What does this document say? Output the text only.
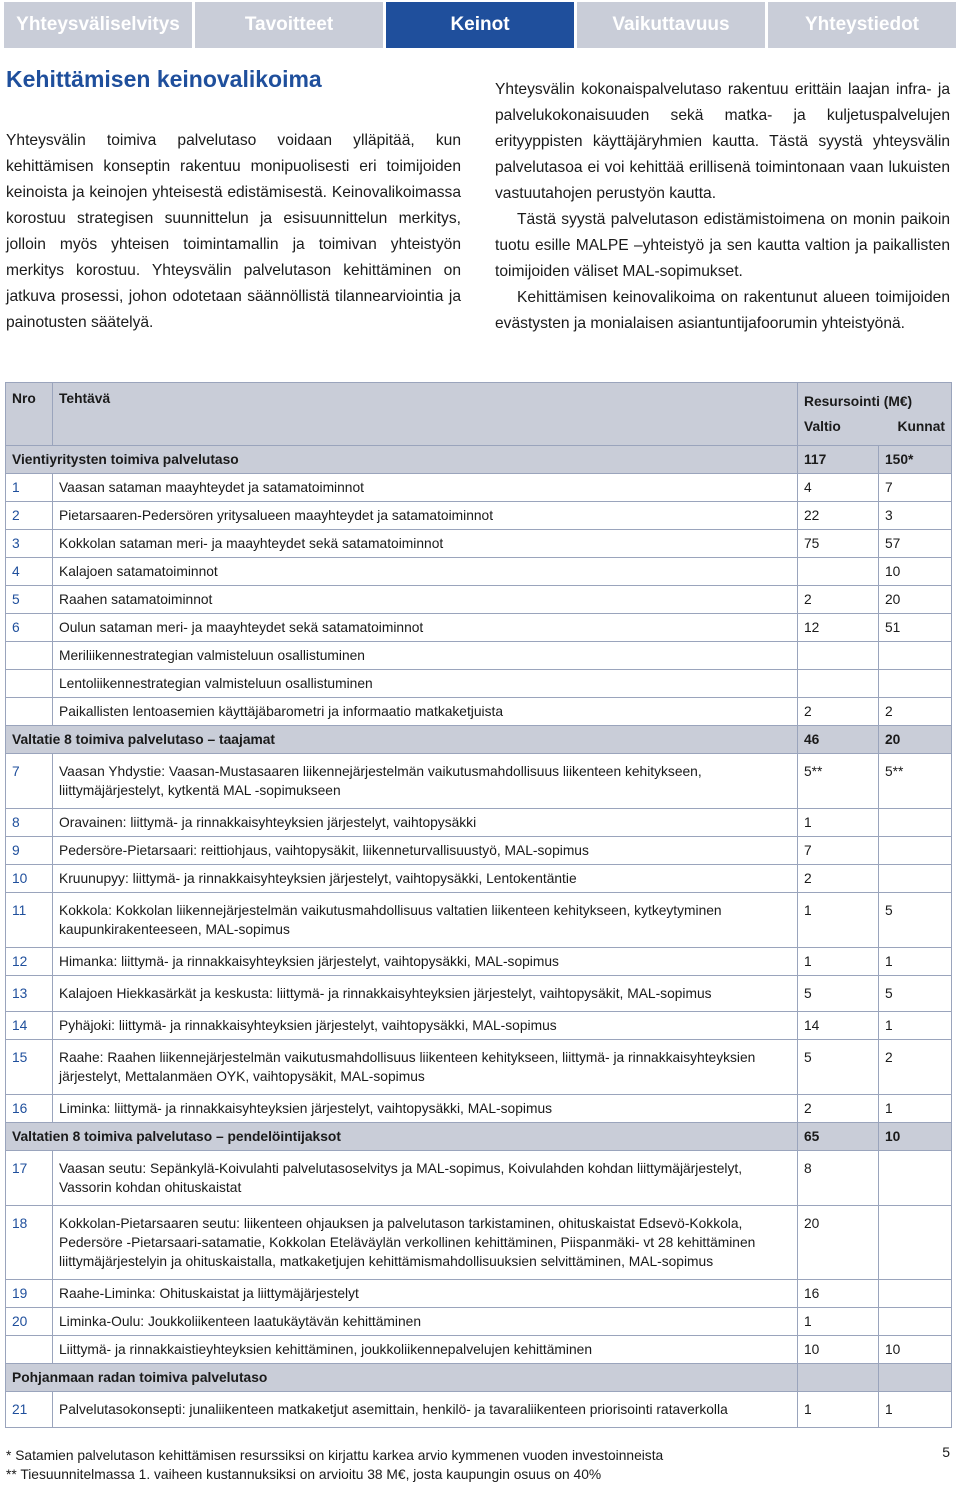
Yhteysväliselvitys	Tavoitteet	Keinot	Vaikuttavuus	Yhteystiedot
Kehittämisen keinovalikoima

Yhteysvälin toimiva palvelutaso voidaan ylläpitää, kun kehittämisen konseptin rakentuu monipuolisesti eri toimijoiden keinoista ja keinojen yhteisestä edistämisestä. Keinovalikoimassa korostuu strategisen suunnittelun ja esisuunnittelun merkitys, jolloin myös yhteisen toimintamallin ja toimivan yhteistyön merkitys korostuu. Yhteysvälin palvelutason kehittäminen on jatkuva prosessi, johon odotetaan säännöllistä tilannearviointia ja painotusten säätelyä.

Yhteysvälin kokonaispalvelutaso rakentuu erittäin laajan infra- ja palvelukokonaisuuden sekä matka- ja kuljetuspalvelujen erityyppisten käyttäjäryhmien kautta. Tästä syystä yhteysvälin palvelutasoa ei voi kehittää erillisenä toimintonaan vaan lukuisten vastuutahojen perustyön kautta.

Tästä syystä palvelutason edistämistoimena on monin paikoin tuotu esille MALPE –yhteistyö ja sen kautta valtion ja paikallisten toimijoiden väliset MAL-sopimukset.

Kehittämisen keinovalikoima on rakentunut alueen toimijoiden evästysten ja monialaisen asiantuntijafoorumin yhteistyönä.

Nro	Tehtävä	Resursointi (M€)
Valtio Kunnat	

Vientiyritysten toimiva palvelutaso		117	150*
1	Vaasan sataman maayhteydet ja satamatoiminnot	4	7
2	Pietarsaaren-Pedersören yritysalueen maayhteydet ja satamatoiminnot	22	3
3	Kokkolan sataman meri- ja maayhteydet sekä satamatoiminnot	75	57
4	Kalajoen satamatoiminnot		10
5	Raahen satamatoiminnot	2	20
6	Oulun sataman meri- ja maayhteydet sekä satamatoiminnot	12	51
	Meriliikennestrategian valmisteluun osallistuminen		
	Lentoliikennestrategian valmisteluun osallistuminen		
	Paikallisten lentoasemien käyttäjäbarometri ja informaatio matkaketjuista	2	2
Valtatie 8 toimiva palvelutaso – taajamat		46	20
7	Vaasan Yhdystie: Vaasan-Mustasaaren liikennejärjestelmän vaikutusmahdollisuus liikenteen kehitykseen, liittymäjärjestelyt, kytkentä MAL -sopimukseen	5**	5**
8	Oravainen: liittymä- ja rinnakkaisyhteyksien järjestelyt, vaihtopysäkki	1	
9	Pedersöre-Pietarsaari: reittiohjaus, vaihtopysäkit, liikenneturvallisuustyö, MAL-sopimus	7	
10	Kruunupyy: liittymä- ja rinnakkaisyhteyksien järjestelyt, vaihtopysäkki, Lentokentäntie	2	
11	Kokkola: Kokkolan liikennejärjestelmän vaikutusmahdollisuus valtatien liikenteen kehitykseen, kytkeytyminen kaupunkirakenteeseen, MAL-sopimus	1	5
12	Himanka: liittymä- ja rinnakkaisyhteyksien järjestelyt, vaihtopysäkki, MAL-sopimus	1	1
13	Kalajoen Hiekkasärkät ja keskusta: liittymä- ja rinnakkaisyhteyksien järjestelyt, vaihtopysäkit, MAL-sopimus	5	5
14	Pyhäjoki: liittymä- ja rinnakkaisyhteyksien järjestelyt, vaihtopysäkki, MAL-sopimus	14	1
15	Raahe: Raahen liikennejärjestelmän vaikutusmahdollisuus liikenteen kehitykseen, liittymä- ja rinnakkaisyhteyksien järjestelyt, Mettalanmäen OYK, vaihtopysäkit, MAL-sopimus	5	2
16	Liminka: liittymä- ja rinnakkaisyhteyksien järjestelyt, vaihtopysäkki, MAL-sopimus	2	1
Valtatien 8 toimiva palvelutaso – pendelöintijaksot		65	10
17	Vaasan seutu: Sepänkylä-Koivulahti palvelutasoselvitys ja MAL-sopimus, Koivulahden kohdan liittymäjärjestelyt, Vassorin kohdan ohituskaistat	8	
18	Kokkolan-Pietarsaaren seutu: liikenteen ohjauksen ja palvelutason tarkistaminen, ohituskaistat Edsevö-Kokkola, Pedersöre -Pietarsaari-satamatie, Kokkolan Eteläväylän verkollinen kehittäminen, Piispanmäki- vt 28 kehittäminen liittymäjärjestelyin ja ohituskaistalla, matkaketjujen kehittämismahdollisuuksien selvittäminen, MAL-sopimus	20	
19	Raahe-Liminka: Ohituskaistat ja liittymäjärjestelyt	16	
20	Liminka-Oulu: Joukkoliikenteen laatukäytävän kehittäminen	1	
	Liittymä- ja rinnakkaistieyhteyksien kehittäminen, joukkoliikennepalvelujen kehittäminen	10	10
Pohjanmaan radan toimiva palvelutaso			
21	Palvelutasokonsepti: junaliikenteen matkaketjut asemittain, henkilö- ja tavaraliikenteen priorisointi rataverkolla	1	1

* Satamien palvelutason kehittämisen resurssiksi on kirjattu karkea arvio kymmenen vuoden investoinneista

** Tiesuunnitelmassa 1. vaiheen kustannuksiksi on arvioitu 38 M€, josta kaupungin osuus on 40%

5
